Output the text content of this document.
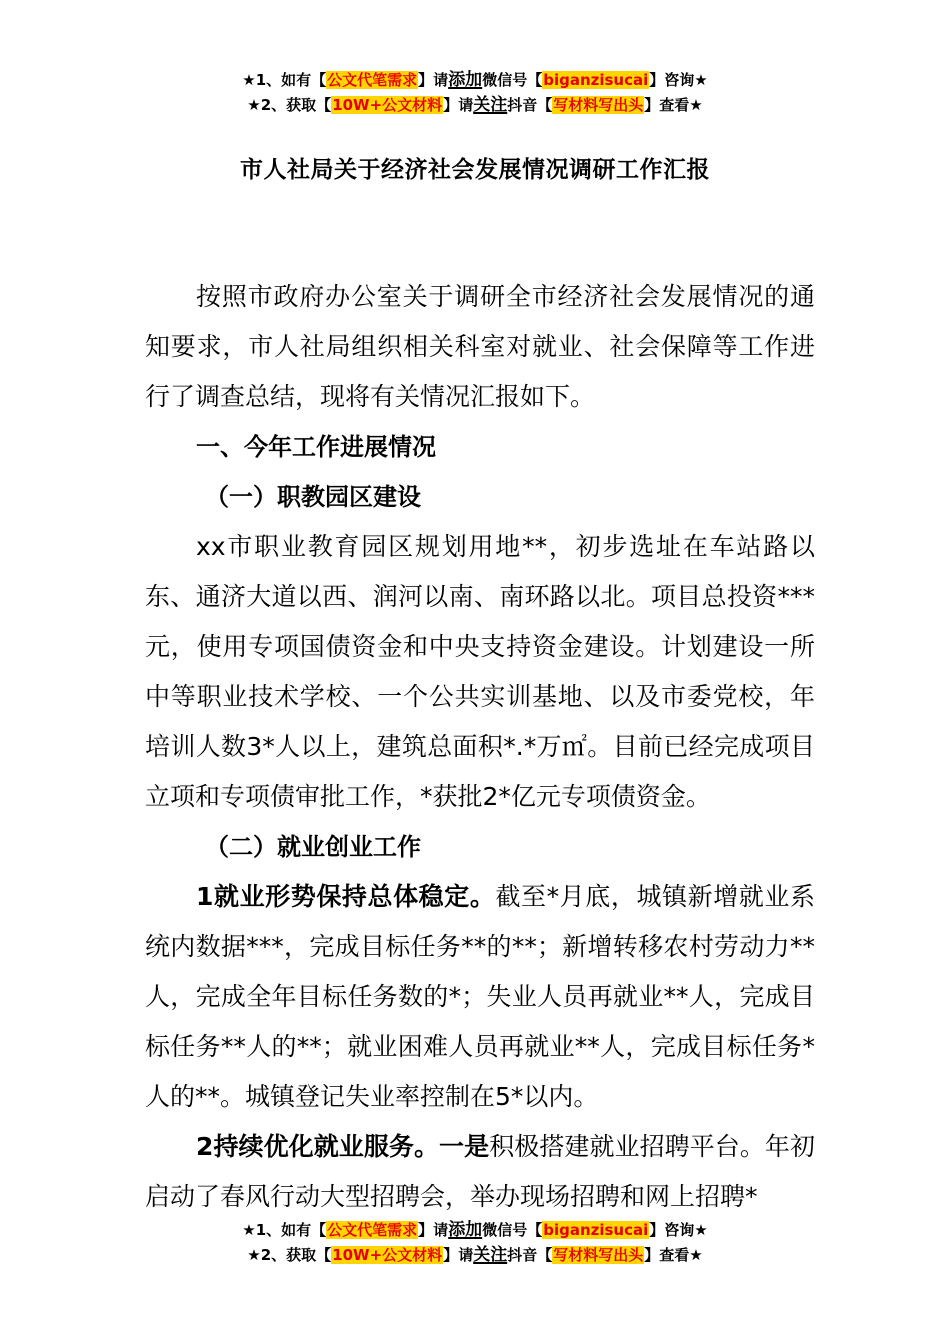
★1、如有【公文代笔需求】请添加微信号【biganzisucai】咨询★
★2、获取【10W+公文材料】请关注抖音【写材料写出头】查看★
市人社局关于经济社会发展情况调研工作汇报

按照市政府办公室关于调研全市经济社会发展情况的通知要求，市人社局组织相关科室对就业、社会保障等工作进行了调查总结，现将有关情况汇报如下。

一、今年工作进展情况

（一）职教园区建设

xx市职业教育园区规划用地**，初步选址在车站路以东、通济大道以西、润河以南、南环路以北。项目总投资***元，使用专项国债资金和中央支持资金建设。计划建设一所中等职业技术学校、一个公共实训基地、以及市委党校，年培训人数3*人以上，建筑总面积*.*万㎡。目前已经完成项目立项和专项债审批工作，*获批2*亿元专项债资金。

（二）就业创业工作

1就业形势保持总体稳定。截至*月底，城镇新增就业系统内数据***，完成目标任务**的**；新增转移农村劳动力**人，完成全年目标任务数的*；失业人员再就业**人，完成目标任务**人的**；就业困难人员再就业**人，完成目标任务*人的**。城镇登记失业率控制在5*以内。

2持续优化就业服务。一是积极搭建就业招聘平台。年初启动了春风行动大型招聘会，举办现场招聘和网上招聘*

★1、如有【公文代笔需求】请添加微信号【biganzisucai】咨询★
★2、获取【10W+公文材料】请关注抖音【写材料写出头】查看★
